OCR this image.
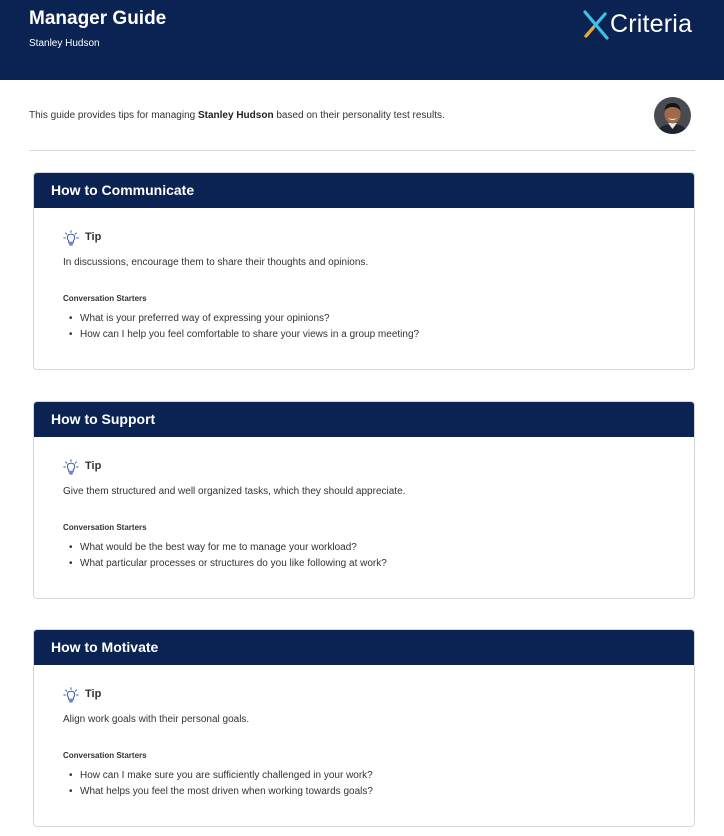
Manager Guide
Stanley Hudson
Criteria
This guide provides tips for managing Stanley Hudson based on their personality test results.
How to Communicate
Tip
In discussions, encourage them to share their thoughts and opinions.
Conversation Starters
• What is your preferred way of expressing your opinions?
• How can I help you feel comfortable to share your views in a group meeting?
How to Support
Tip
Give them structured and well organized tasks, which they should appreciate.
Conversation Starters
• What would be the best way for me to manage your workload?
• What particular processes or structures do you like following at work?
How to Motivate
Tip
Align work goals with their personal goals.
Conversation Starters
• How can I make sure you are sufficiently challenged in your work?
• What helps you feel the most driven when working towards goals?
